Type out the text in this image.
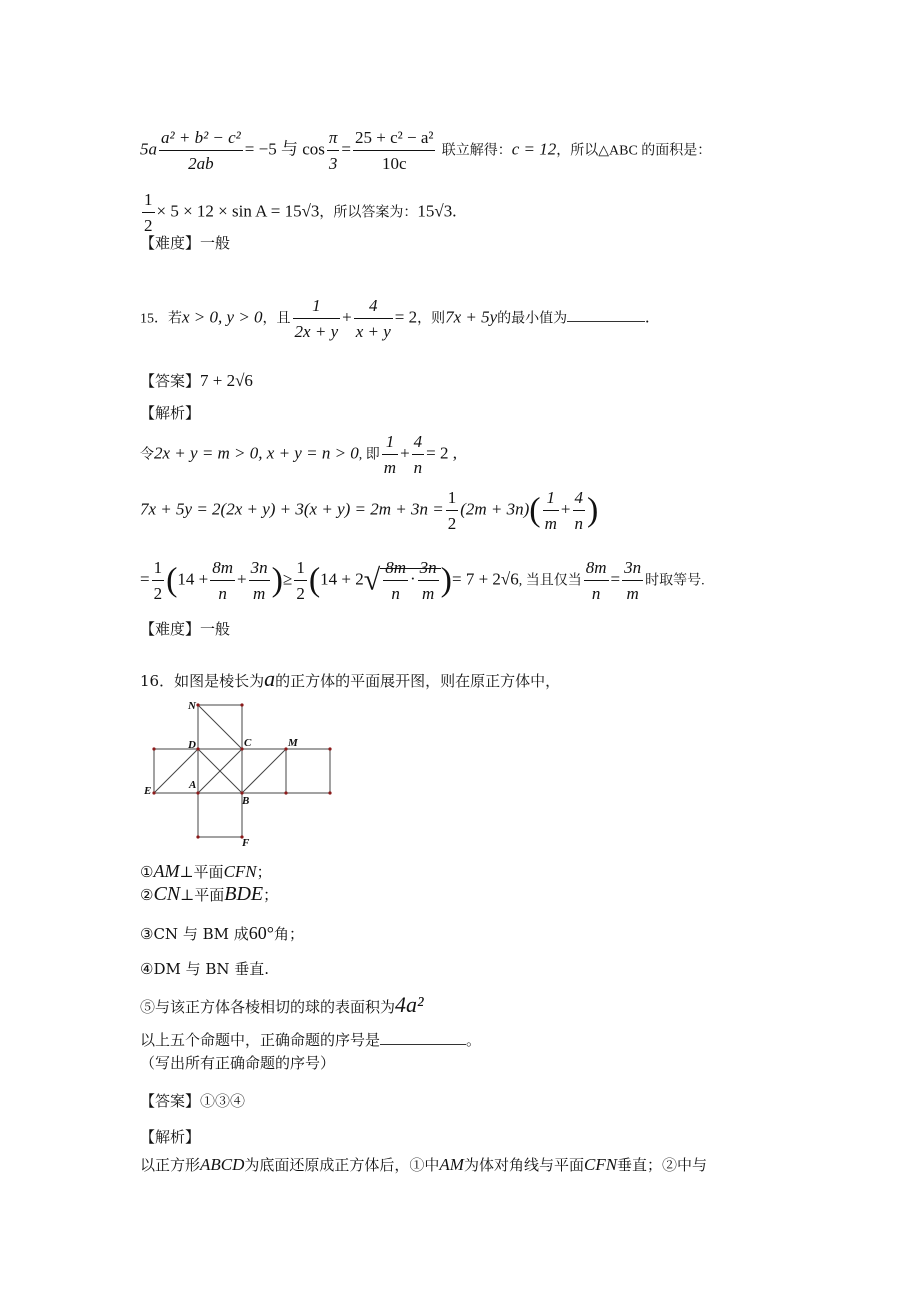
$5a \frac{\text{a² + b² − c²}}{2ab} = -5$ 与 $\cos \frac{\pi}{3} = \frac{\text{25 + c² − a²}}{10c}$ 联立解得：c = 12，所以△ABC 的面积是：
$\frac{1}{2} \times 5 \times 12 \times \sin A = 15√3$，所以答案为：15√3.
【难度】一般
15．若x > 0, y > 0，且 $\frac{1}{2x + y} + \frac{4}{x + y} = 2$，则7x + 5y的最小值为	.
【答案】7 + 2√6
【解析】
令2x + y = m > 0, x + y = n > 0, 即 $\frac{1}{m} + \frac{4}{n} = 2$ ,
$7x + 5y = 2(2x + y) + 3(x + y) = 2m + 3n = \frac{1}{2} (2m + 3n)( \frac{1}{m} + \frac{4}{n}$ )
= $\frac{1}{2} (14 + \frac{8m}{n} + \frac{3n}{m}$ )≥ $\frac{1}{2} (14 + 2√ \frac{8m}{n} \cdot \frac{3n}{m}$ )= 7 + 2√6, 当且仅当 $\frac{8m}{n} = \frac{3n}{m}$ 时取等号.
【难度】一般
16．如图是棱长为a的正方体的平面展开图，则在原正方体中，
N
D	C	M
A
E
B
F
①AM⊥平面CFN；
②CN⊥平面BDE；
③CN 与 BM 成60°角；
④DM 与 BN 垂直.
⑤与该正方体各棱相切的球的表面积为4a²
以上五个命题中，正确命题的序号是	。
（写出所有正确命题的序号）
【答案】①③④
【解析】
以正方形ABCD为底面还原成正方体后，①中AM为体对角线与平面CFN垂直；②中与
